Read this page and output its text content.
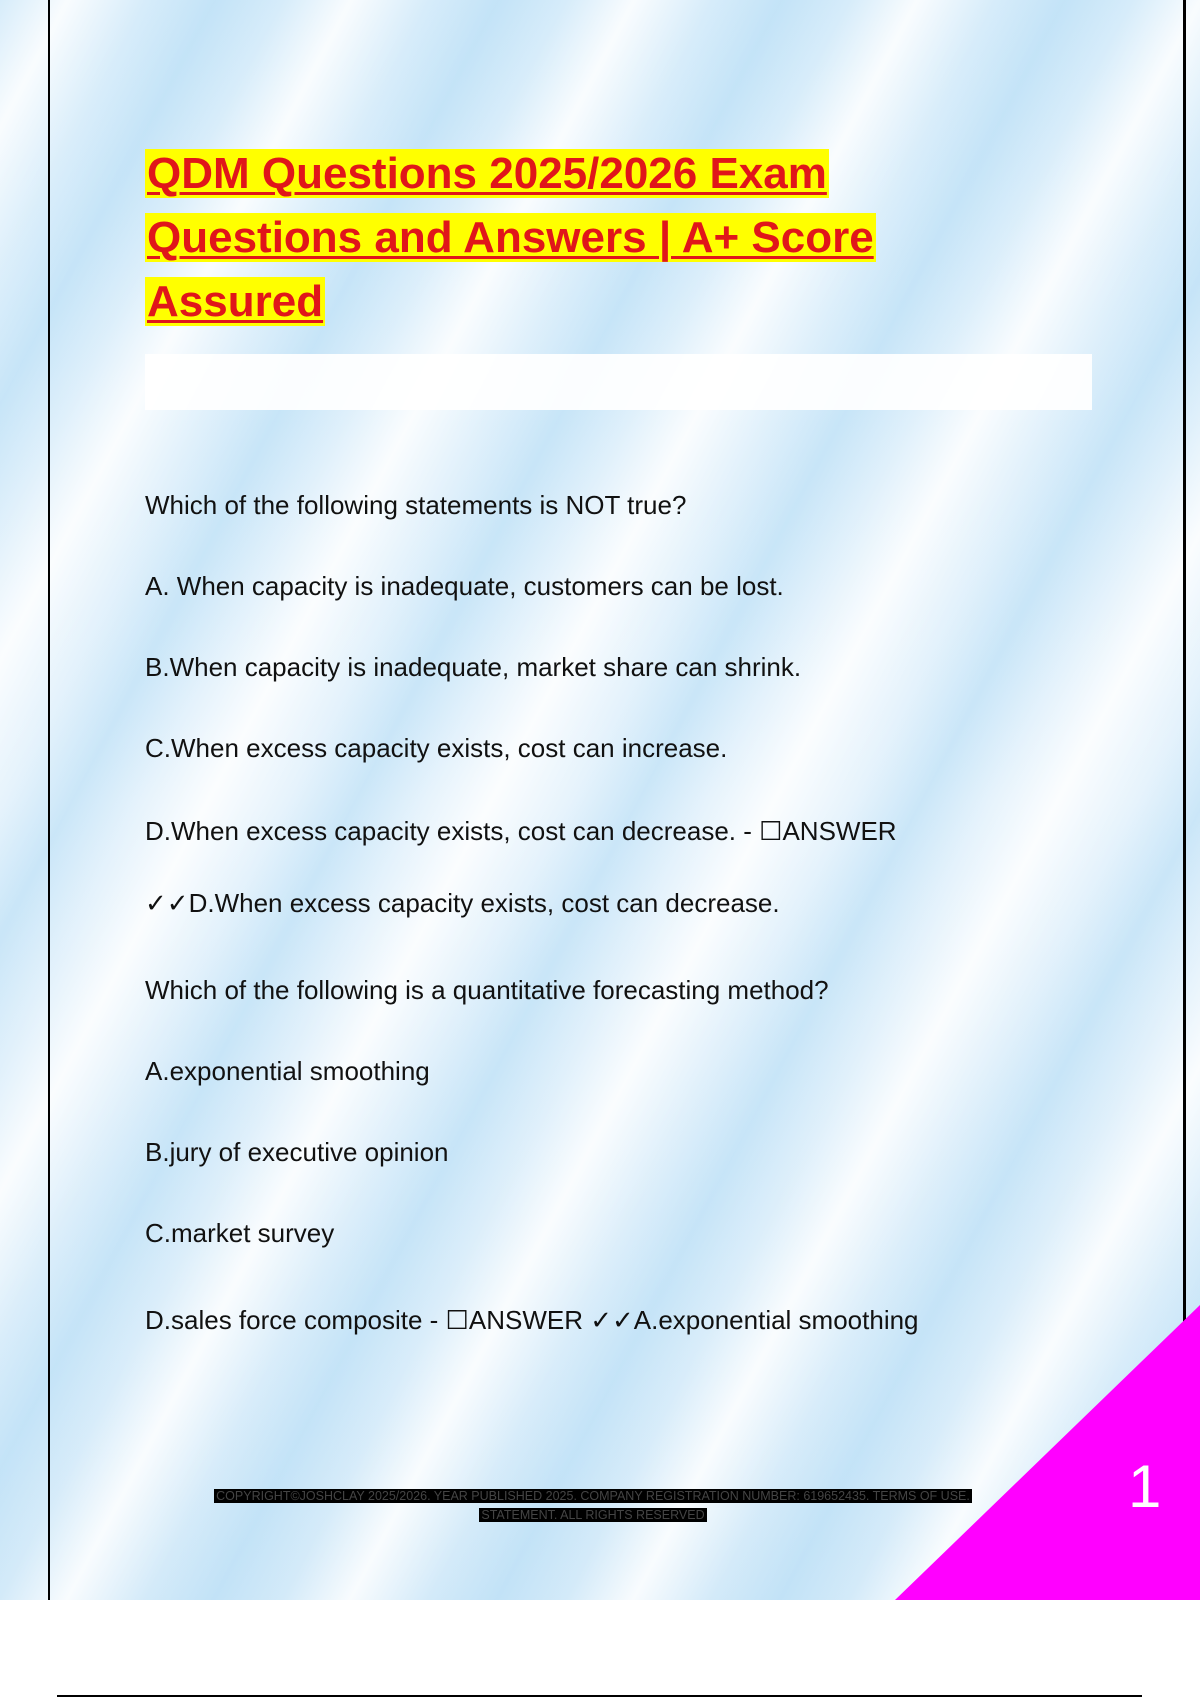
QDM Questions 2025/2026 Exam
Questions and Answers | A+ Score
Assured
Which of the following statements is NOT true?
A. When capacity is inadequate, customers can be lost.
B.When capacity is inadequate, market share can shrink.
C.When excess capacity exists, cost can increase.
D.When excess capacity exists, cost can decrease. - ☐ANSWER
✓✓D.When excess capacity exists, cost can decrease.
Which of the following is a quantitative forecasting method?
A.exponential smoothing
B.jury of executive opinion
C.market survey
D.sales force composite - ☐ANSWER ✓✓A.exponential smoothing
COPYRIGHT©JOSHCLAY 2025/2026. YEAR PUBLISHED 2025. COMPANY REGISTRATION NUMBER: 619652435. TERMS OF USE.
STATEMENT. ALL RIGHTS RESERVED	1
